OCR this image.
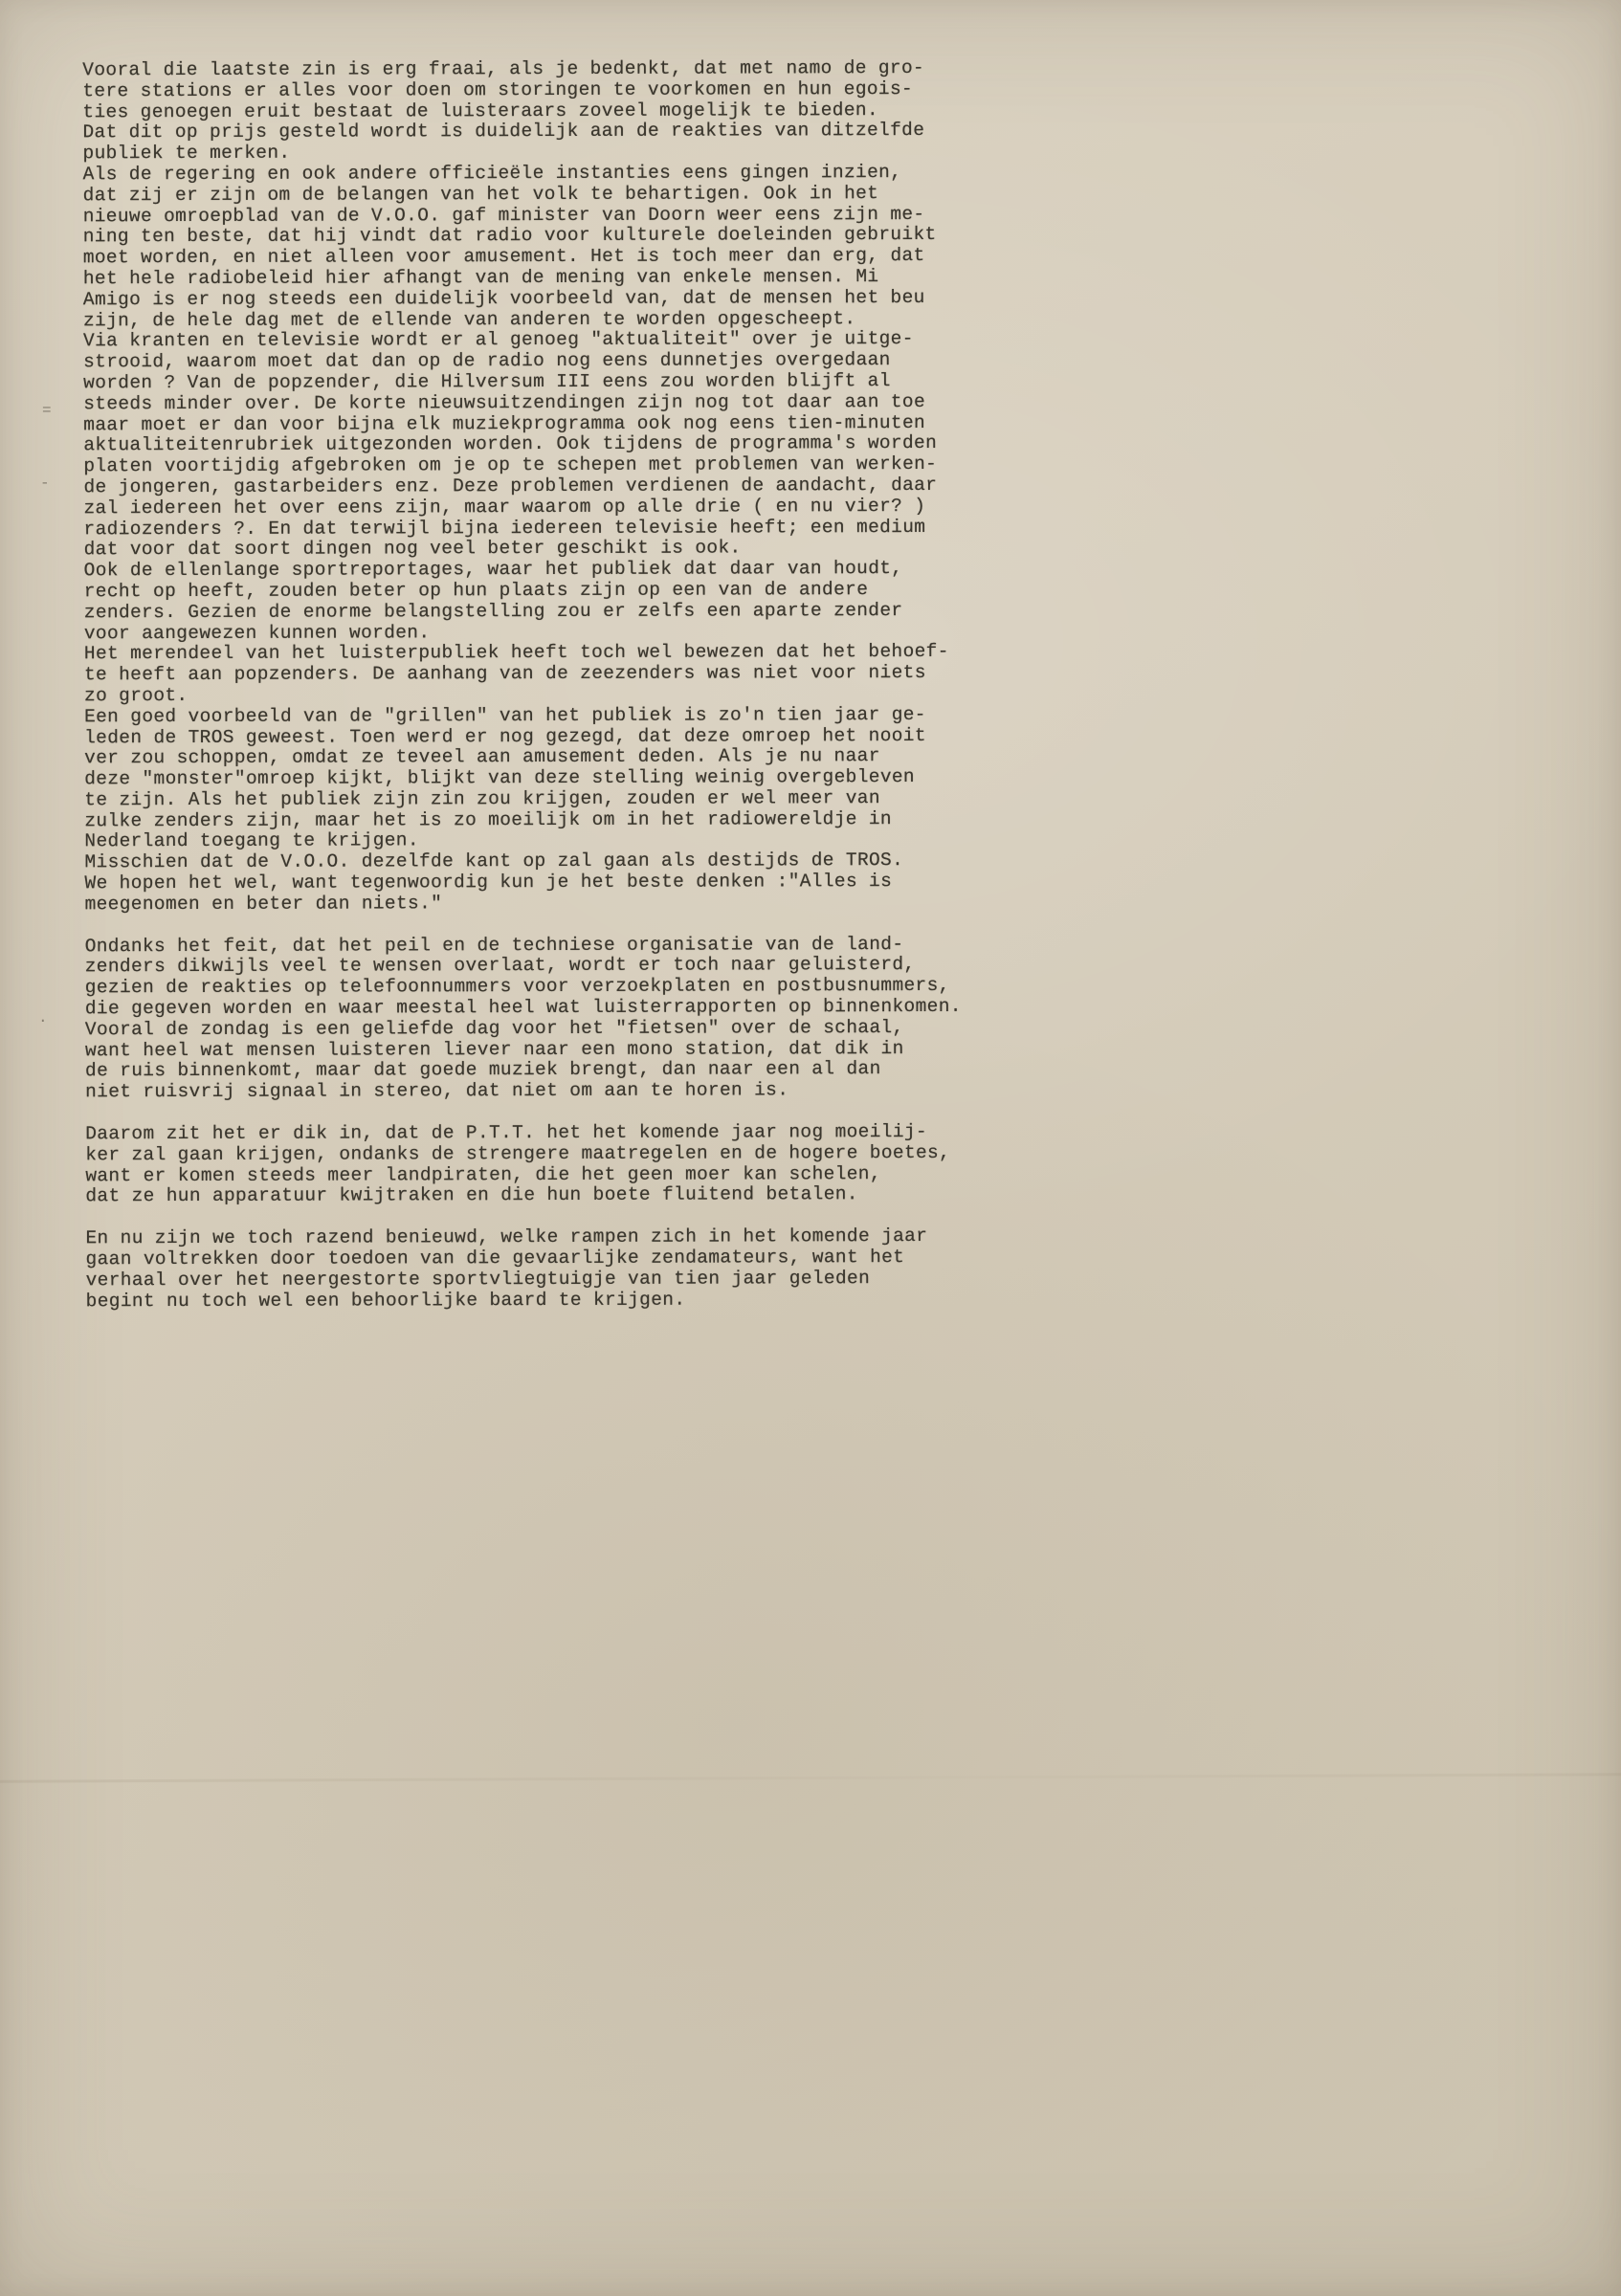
Vooral die laatste zin is erg fraai, als je bedenkt, dat met namo de gro-
tere stations er alles voor doen om storingen te voorkomen en hun egois-
ties genoegen eruit bestaat de luisteraars zoveel mogelijk te bieden.
Dat dit op prijs gesteld wordt is duidelijk aan de reakties van ditzelfde
publiek te merken.
Als de regering en ook andere officieële instanties eens gingen inzien,
dat zij er zijn om de belangen van het volk te behartigen. Ook in het
nieuwe omroepblad van de V.O.O. gaf minister van Doorn weer eens zijn me-
ning ten beste, dat hij vindt dat radio voor kulturele doeleinden gebruikt
moet worden, en niet alleen voor amusement. Het is toch meer dan erg, dat
het hele radiobeleid hier afhangt van de mening van enkele mensen. Mi
Amigo is er nog steeds een duidelijk voorbeeld van, dat de mensen het beu
zijn, de hele dag met de ellende van anderen te worden opgescheept.
Via kranten en televisie wordt er al genoeg "aktualiteit" over je uitge-
strooid, waarom moet dat dan op de radio nog eens dunnetjes overgedaan
worden ? Van de popzender, die Hilversum III eens zou worden blijft al
steeds minder over. De korte nieuwsuitzendingen zijn nog tot daar aan toe
maar moet er dan voor bijna elk muziekprogramma ook nog eens tien-minuten
aktualiteitenrubriek uitgezonden worden. Ook tijdens de programma's worden
platen voortijdig afgebroken om je op te schepen met problemen van werken-
de jongeren, gastarbeiders enz. Deze problemen verdienen de aandacht, daar
zal iedereen het over eens zijn, maar waarom op alle drie ( en nu vier? )
radiozenders ?. En dat terwijl bijna iedereen televisie heeft; een medium
dat voor dat soort dingen nog veel beter geschikt is ook.
Ook de ellenlange sportreportages, waar het publiek dat daar van houdt,
recht op heeft, zouden beter op hun plaats zijn op een van de andere
zenders. Gezien de enorme belangstelling zou er zelfs een aparte zender
voor aangewezen kunnen worden.
Het merendeel van het luisterpubliek heeft toch wel bewezen dat het behoef-
te heeft aan popzenders. De aanhang van de zeezenders was niet voor niets
zo groot.
Een goed voorbeeld van de "grillen" van het publiek is zo'n tien jaar ge-
leden de TROS geweest. Toen werd er nog gezegd, dat deze omroep het nooit
ver zou schoppen, omdat ze teveel aan amusement deden. Als je nu naar
deze "monster"omroep kijkt, blijkt van deze stelling weinig overgebleven
te zijn. Als het publiek zijn zin zou krijgen, zouden er wel meer van
zulke zenders zijn, maar het is zo moeilijk om in het radiowereldje in
Nederland toegang te krijgen.
Misschien dat de V.O.O. dezelfde kant op zal gaan als destijds de TROS.
We hopen het wel, want tegenwoordig kun je het beste denken :"Alles is
meegenomen en beter dan niets."

Ondanks het feit, dat het peil en de techniese organisatie van de land-
zenders dikwijls veel te wensen overlaat, wordt er toch naar geluisterd,
gezien de reakties op telefoonnummers voor verzoekplaten en postbusnummers,
die gegeven worden en waar meestal heel wat luisterrapporten op binnenkomen.
Vooral de zondag is een geliefde dag voor het "fietsen" over de schaal,
want heel wat mensen luisteren liever naar een mono station, dat dik in
de ruis binnenkomt, maar dat goede muziek brengt, dan naar een al dan
niet ruisvrij signaal in stereo, dat niet om aan te horen is.

Daarom zit het er dik in, dat de P.T.T. het het komende jaar nog moeilij-
ker zal gaan krijgen, ondanks de strengere maatregelen en de hogere boetes,
want er komen steeds meer landpiraten, die het geen moer kan schelen,
dat ze hun apparatuur kwijtraken en die hun boete fluitend betalen.

En nu zijn we toch razend benieuwd, welke rampen zich in het komende jaar
gaan voltrekken door toedoen van die gevaarlijke zendamateurs, want het
verhaal over het neergestorte sportvliegtuigje van tien jaar geleden
begint nu toch wel een behoorlijke baard te krijgen.

=
-
·
